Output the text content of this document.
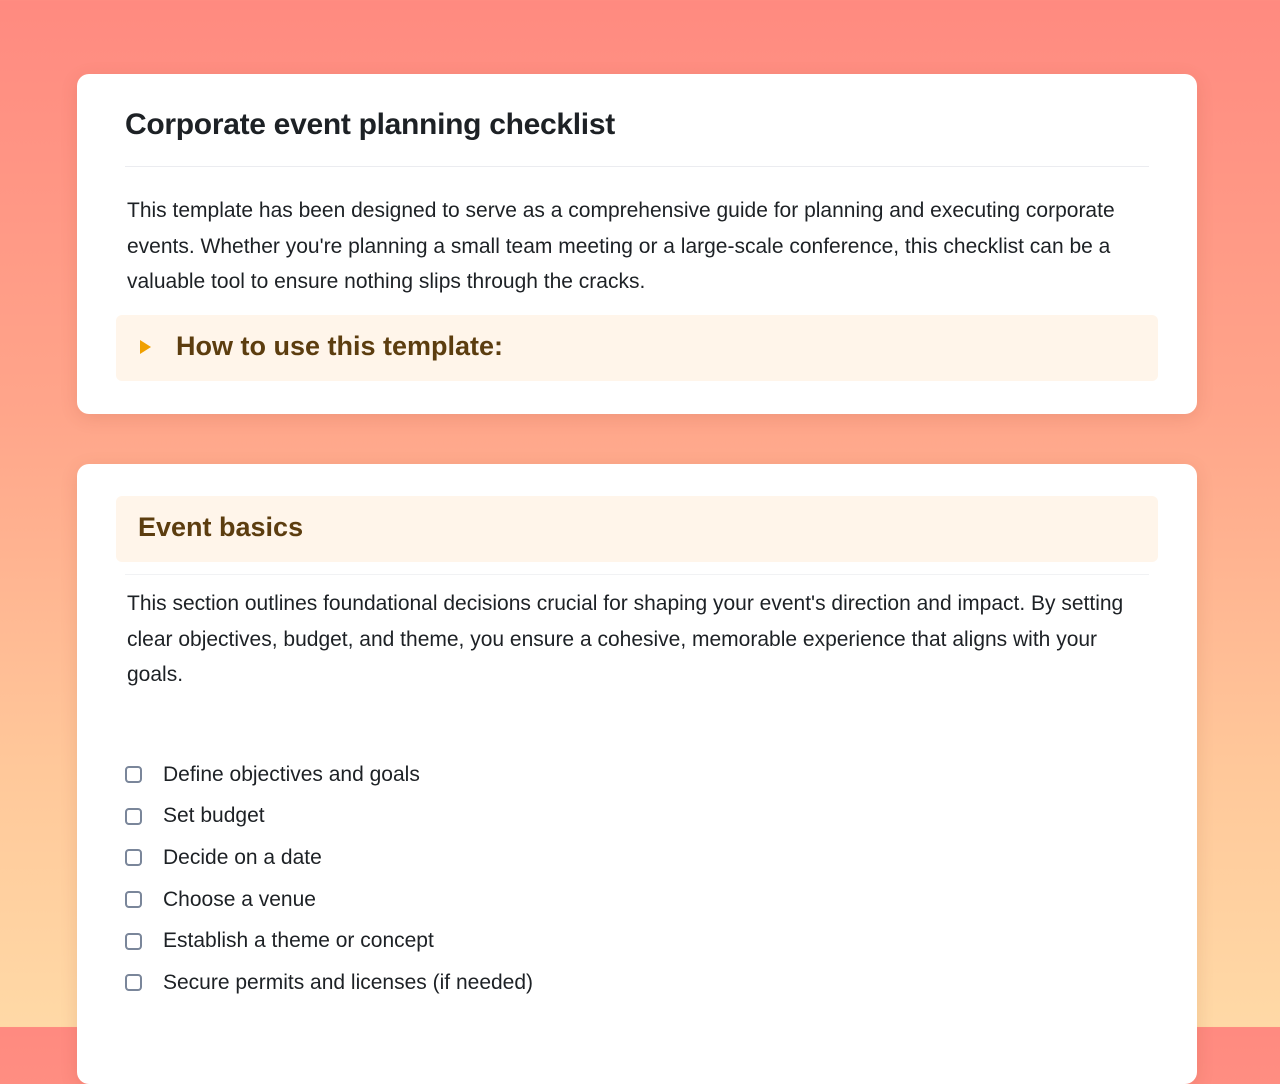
Corporate event planning checklist

This template has been designed to serve as a comprehensive guide for planning and executing corporate events. Whether you're planning a small team meeting or a large-scale conference, this checklist can be a valuable tool to ensure nothing slips through the cracks.

How to use this template:
Event basics

This section outlines foundational decisions crucial for shaping your event's direction and impact. By setting clear objectives, budget, and theme, you ensure a cohesive, memorable experience that aligns with your goals.

Define objectives and goals
Set budget
Decide on a date
Choose a venue
Establish a theme or concept
Secure permits and licenses (if needed)
